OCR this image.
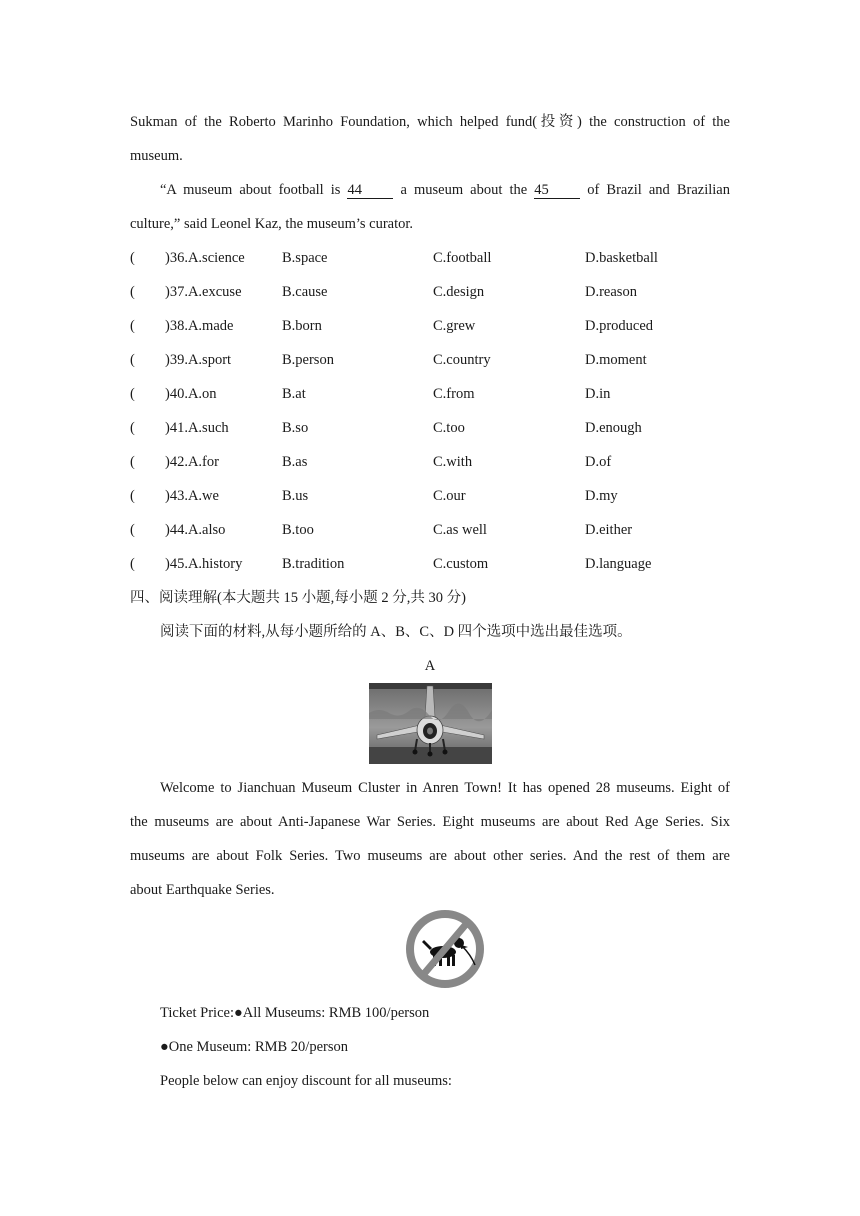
Sukman of the Roberto Marinho Foundation, which helped fund(投资) the construction of the
museum.
“A museum about football is 44	a museum about the 45	of Brazil and Brazilian
culture,” said Leonel Kaz, the museum’s curator.
( )36.A.science	B.space	C.football	D.basketball
( )37.A.excuse	B.cause	C.design	D.reason
( )38.A.made	B.born	C.grew	D.produced
( )39.A.sport	B.person	C.country	D.moment
( )40.A.on	B.at	C.from	D.in
( )41.A.such	B.so	C.too	D.enough
( )42.A.for	B.as	C.with	D.of
( )43.A.we	B.us	C.our	D.my
( )44.A.also	B.too	C.as well	D.either
( )45.A.history	B.tradition	C.custom	D.language
四、阅读理解(本大题共 15 小题,每小题 2 分,共 30 分)
阅读下面的材料,从每小题所给的 A、B、C、D 四个选项中选出最佳选项。
A
Welcome to Jianchuan Museum Cluster in Anren Town! It has opened 28 museums. Eight of
the museums are about Anti-Japanese War Series. Eight museums are about Red Age Series. Six
museums are about Folk Series. Two museums are about other series. And the rest of them are
about Earthquake Series.
Ticket Price:●All Museums: RMB 100/person
●One Museum: RMB 20/person
People below can enjoy discount for all museums:
